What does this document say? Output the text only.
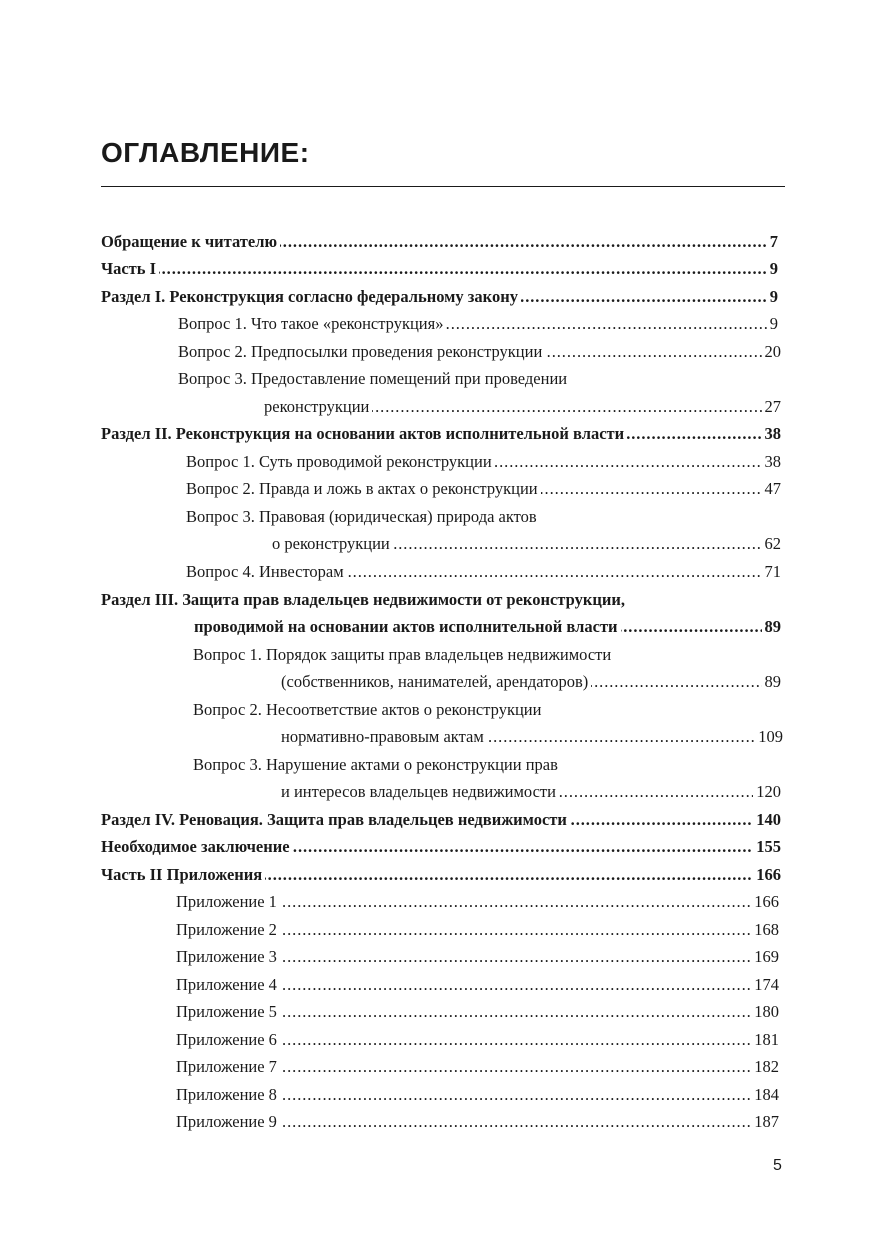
ОГЛАВЛЕНИЕ:
Обращение к читателю	7
. . .
Часть I	9
. . .
Раздел I. Реконструкция согласно федеральному закону	9
. . .
Вопрос 1. Что такое «реконструкция»	9
. . .
Вопрос 2. Предпосылки проведения реконструкции	20
. . .
Вопрос 3. Предоставление помещений при проведении
реконструкции	27
. . .
Раздел II. Реконструкция на основании актов исполнительной власти	38
. . .
Вопрос 1. Суть проводимой реконструкции	38
. . .
Вопрос 2. Правда и ложь в актах о реконструкции	47
. . .
Вопрос 3. Правовая (юридическая) природа актов
о реконструкции	62
. . .
Вопрос 4. Инвесторам	71
. . .
Раздел III. Защита прав владельцев недвижимости от реконструкции,
проводимой на основании актов исполнительной власти	89
. . .
Вопрос 1. Порядок защиты прав владельцев недвижимости
(собственников, нанимателей, арендаторов)	89
. . .
Вопрос 2. Несоответствие актов о реконструкции
нормативно-правовым актам	109
. . .
Вопрос 3. Нарушение актами о реконструкции прав
и интересов владельцев недвижимости	120
. . .
Раздел IV. Реновация. Защита прав владельцев недвижимости	140
. . .
Необходимое заключение	155
. . .
Часть II Приложения	166
. . .
Приложение 1	166
. . .
Приложение 2	168
. . .
Приложение 3	169
. . .
Приложение 4	174
. . .
Приложение 5	180
. . .
Приложение 6	181
. . .
Приложение 7	182
. . .
Приложение 8	184
. . .
Приложение 9	187
. . .
5
